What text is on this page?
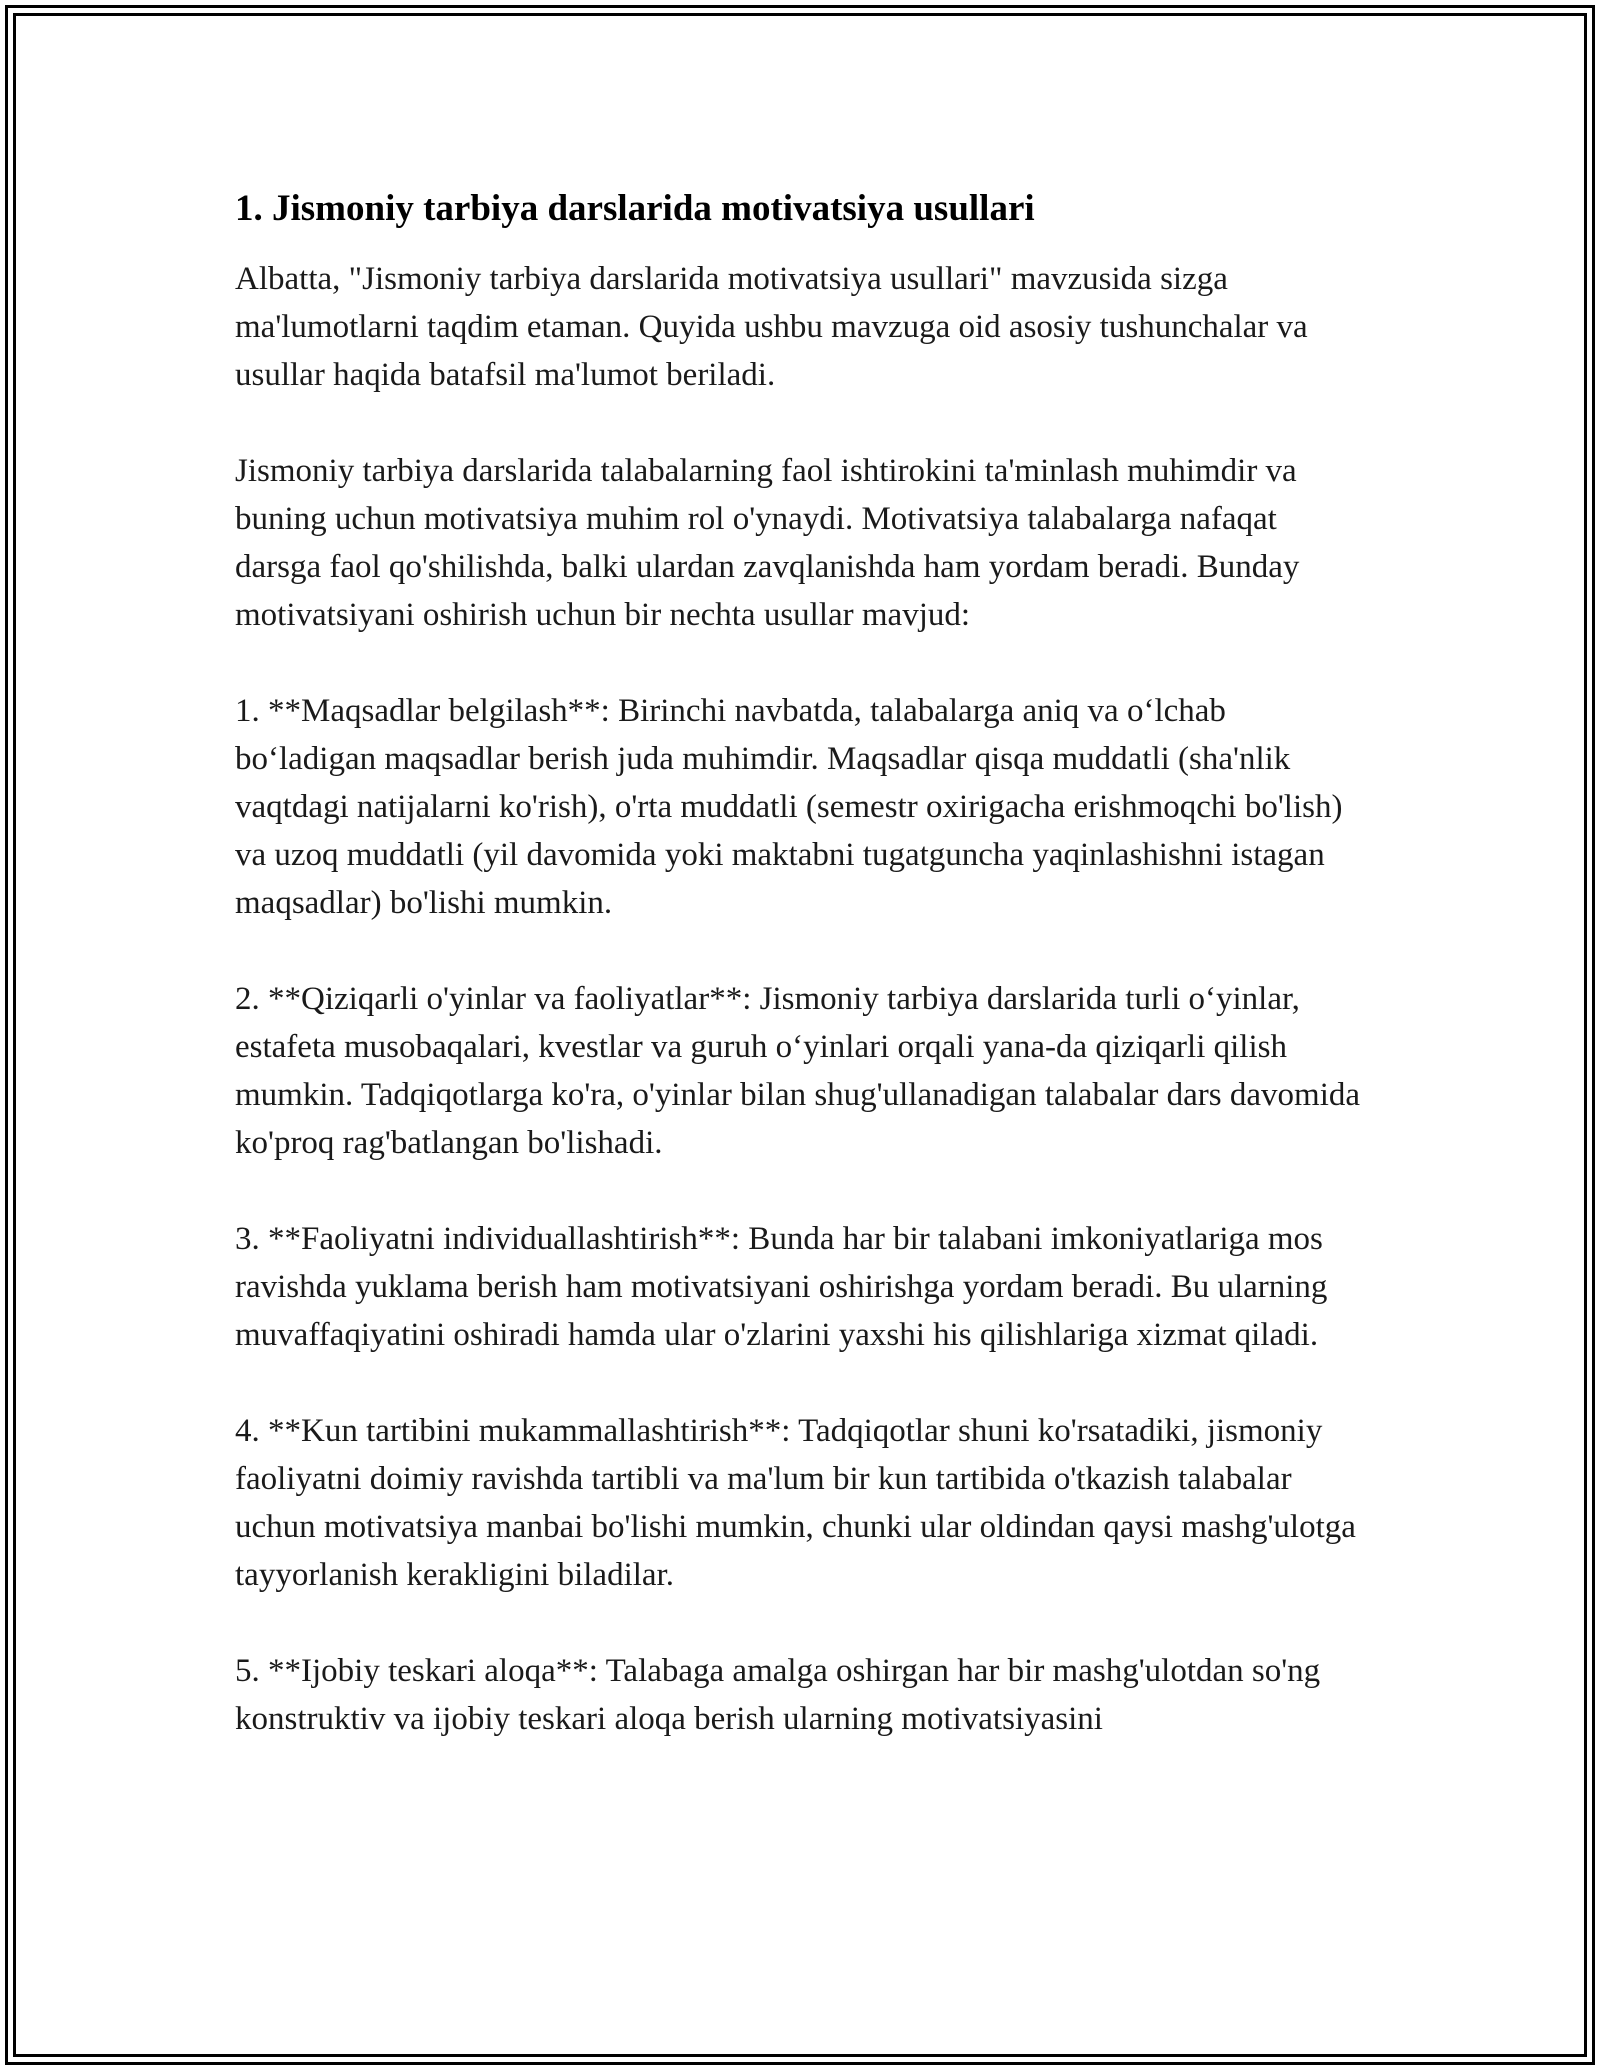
1. Jismoniy tarbiya darslarida motivatsiya usullari

Albatta, "Jismoniy tarbiya darslarida motivatsiya usullari" mavzusida sizga ma'lumotlarni taqdim etaman. Quyida ushbu mavzuga oid asosiy tushunchalar va usullar haqida batafsil ma'lumot beriladi.

Jismoniy tarbiya darslarida talabalarning faol ishtirokini ta'minlash muhimdir va buning uchun motivatsiya muhim rol o'ynaydi. Motivatsiya talabalarga nafaqat darsga faol qo'shilishda, balki ulardan zavqlanishda ham yordam beradi. Bunday motivatsiyani oshirish uchun bir nechta usullar mavjud:

1. **Maqsadlar belgilash**: Birinchi navbatda, talabalarga aniq va o‘lchab bo‘ladigan maqsadlar berish juda muhimdir. Maqsadlar qisqa muddatli (sha'nlik vaqtdagi natijalarni ko'rish), o'rta muddatli (semestr oxirigacha erishmoqchi bo'lish) va uzoq muddatli (yil davomida yoki maktabni tugatguncha yaqinlashishni istagan maqsadlar) bo'lishi mumkin.

2. **Qiziqarli o'yinlar va faoliyatlar**: Jismoniy tarbiya darslarida turli o‘yinlar, estafeta musobaqalari, kvestlar va guruh o‘yinlari orqali yana-da qiziqarli qilish mumkin. Tadqiqotlarga ko'ra, o'yinlar bilan shug'ullanadigan talabalar dars davomida ko'proq rag'batlangan bo'lishadi.

3. **Faoliyatni individuallashtirish**: Bunda har bir talabani imkoniyatlariga mos ravishda yuklama berish ham motivatsiyani oshirishga yordam beradi. Bu ularning muvaffaqiyatini oshiradi hamda ular o'zlarini yaxshi his qilishlariga xizmat qiladi.

4. **Kun tartibini mukammallashtirish**: Tadqiqotlar shuni ko'rsatadiki, jismoniy faoliyatni doimiy ravishda tartibli va ma'lum bir kun tartibida o'tkazish talabalar uchun motivatsiya manbai bo'lishi mumkin, chunki ular oldindan qaysi mashg'ulotga tayyorlanish kerakligini biladilar.

5. **Ijobiy teskari aloqa**: Talabaga amalga oshirgan har bir mashg'ulotdan so'ng konstruktiv va ijobiy teskari aloqa berish ularning motivatsiyasini
